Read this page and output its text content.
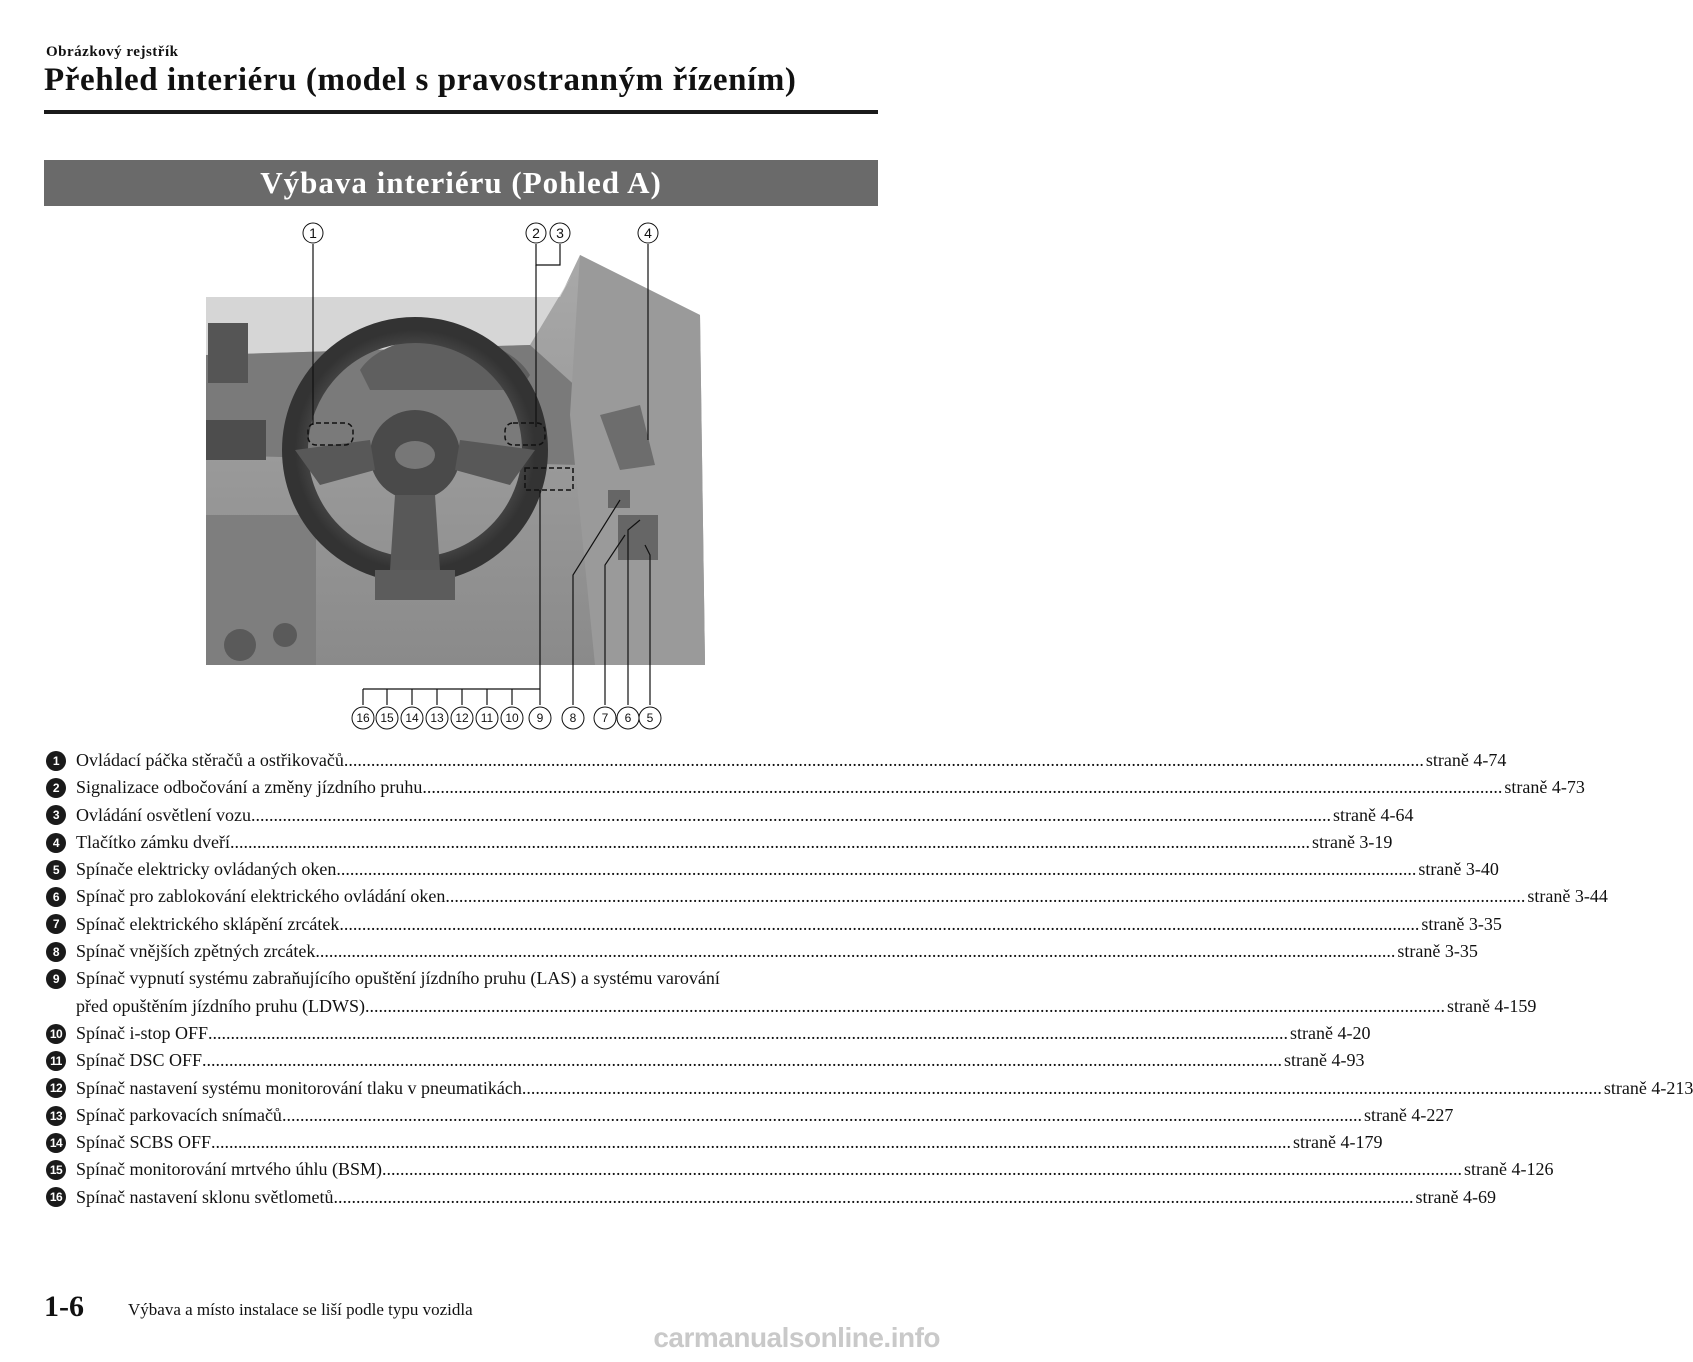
Obrázkový rejstřík
Přehled interiéru (model s pravostranným řízením)
Výbava interiéru (Pohled A)
1	2 3	4
16 15 14 13 12 11 10 9 8 7 6 5
1 Ovládací páčka stěračů a ostřikovačů .....	straně 4-74
2 Signalizace odbočování a změny jízdního pruhu .....	straně 4-73
3 Ovládání osvětlení vozu .....	straně 4-64
4 Tlačítko zámku dveří .....	straně 3-19
5 Spínače elektricky ovládaných oken .....	straně 3-40
6 Spínač pro zablokování elektrického ovládání oken .....	straně 3-44
7 Spínač elektrického sklápění zrcátek .....	straně 3-35
8 Spínač vnějších zpětných zrcátek .....	straně 3-35
9 Spínač vypnutí systému zabraňujícího opuštění jízdního pruhu (LAS) a systému varování
před opuštěním jízdního pruhu (LDWS) .....	straně 4-159
10 Spínač i-stop OFF .....	straně 4-20
11 Spínač DSC OFF .....	straně 4-93
12 Spínač nastavení systému monitorování tlaku v pneumatikách .....	straně 4-213
13 Spínač parkovacích snímačů .....	straně 4-227
14 Spínač SCBS OFF .....	straně 4-179
15 Spínač monitorování mrtvého úhlu (BSM) .....	straně 4-126
16 Spínač nastavení sklonu světlometů .....	straně 4-69
1-6	Výbava a místo instalace se liší podle typu vozidla
carmanualsonline.info
